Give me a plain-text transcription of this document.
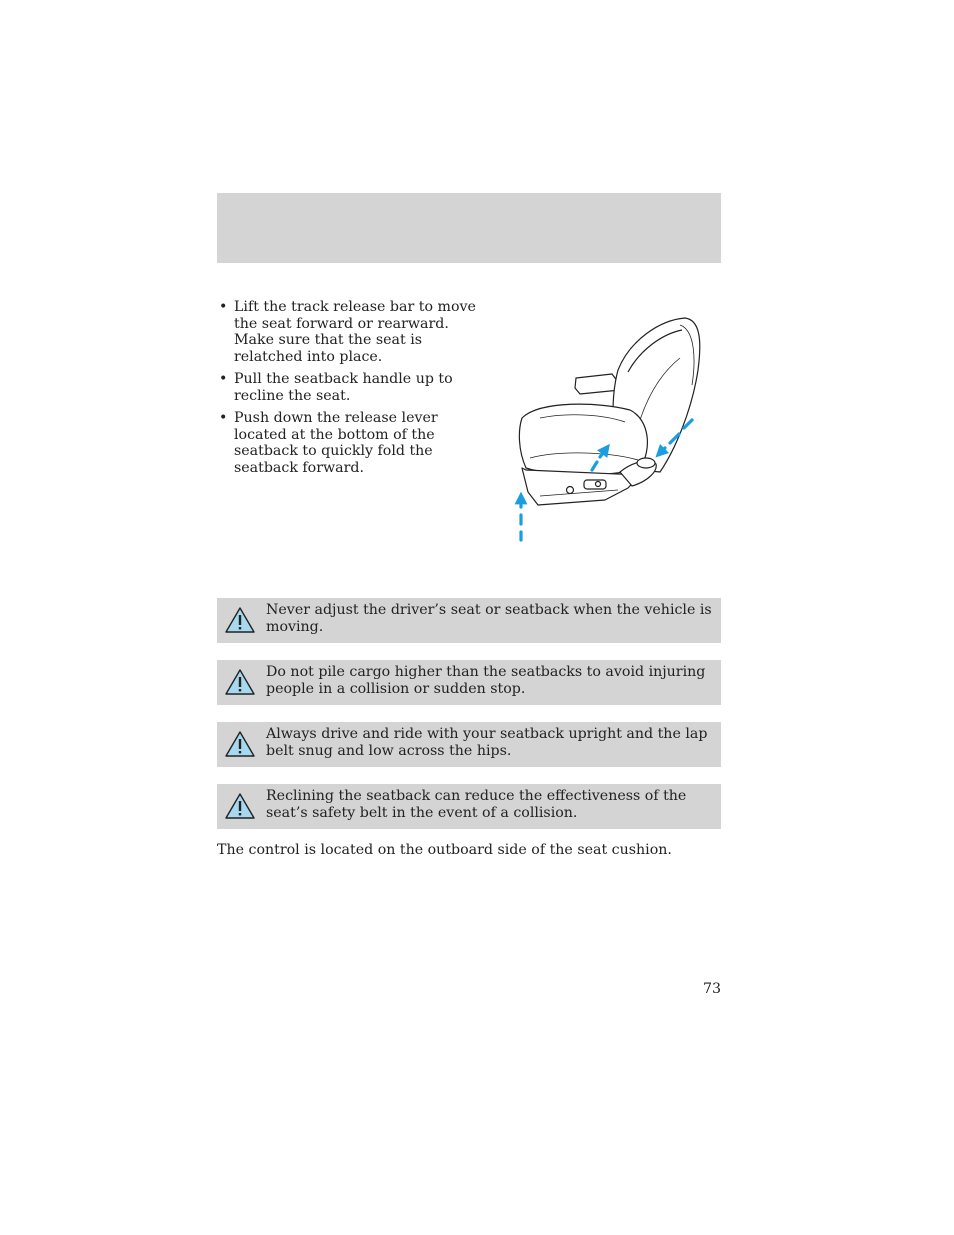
• Lift the track release bar to move the seat forward or rearward. Make sure that the seat is relatched into place.
• Pull the seatback handle up to recline the seat.
• Push down the release lever located at the bottom of the seatback to quickly fold the seatback forward.
Never adjust the driver’s seat or seatback when the vehicle is moving.
Do not pile cargo higher than the seatbacks to avoid injuring people in a collision or sudden stop.
Always drive and ride with your seatback upright and the lap belt snug and low across the hips.
Reclining the seatback can reduce the effectiveness of the seat’s safety belt in the event of a collision.
The control is located on the outboard side of the seat cushion.
73
